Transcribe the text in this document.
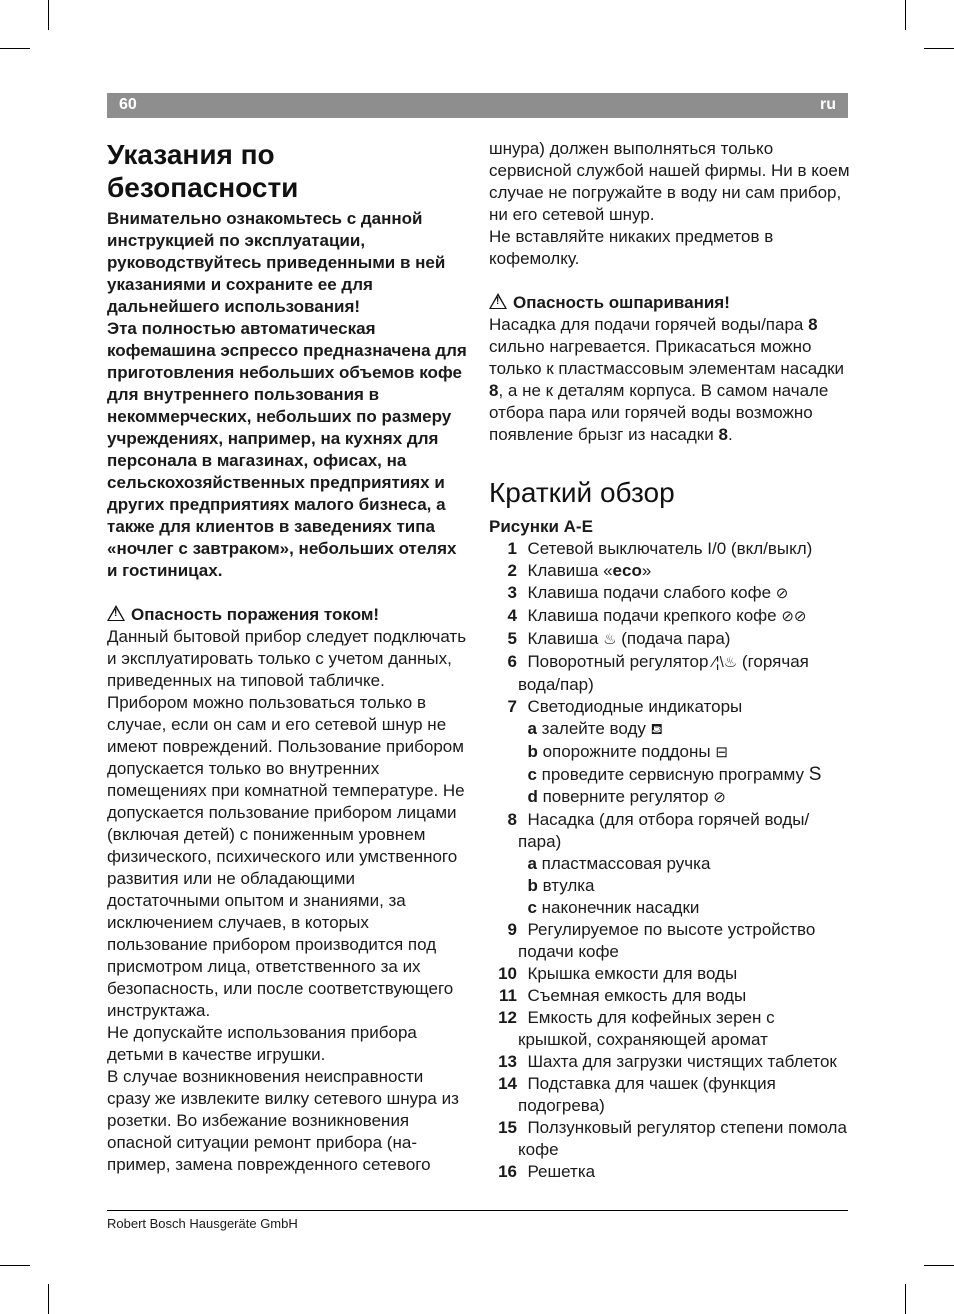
60	ru
Указания по безопасности

Внимательно ознакомьтесь с данной инструкцией по эксплуатации, руководствуйтесь приведенными в ней указаниями и сохраните ее для дальнейшего использования!

Эта полностью автоматическая кофемашина эспрессо предназначена для приготовления небольших объемов кофе для внутреннего пользования в некоммерческих, небольших по размеру учреждениях, например, на кухнях для персонала в магазинах, офисах, на сельскохозяйственных предприятиях и других предприятиях малого бизнеса, а также для клиентов в заведениях типа «ночлег с завтраком», небольших отелях и гостиницах.

!Опасность поражения током!

Данный бытовой прибор следует подключать и эксплуатировать только с учетом данных, приведенных на типовой табличке. Прибором можно пользоваться только в случае, если он сам и его сетевой шнур не имеют повреждений. Пользование прибором допускается только во внутренних помещениях при комнатной температуре. Не допускается пользование прибором лицами (включая детей) с пониженным уровнем физического, психического или умственного развития или не обладающими достаточными опытом и знаниями, за исключением случаев, в которых пользование прибором производится под присмотром лица, ответственного за их безопасность, или после соответствующего инструктажа.

Не допускайте использования прибора детьми в качестве игрушки.

В случае возникновения неисправности сразу же извлеките вилку сетевого шнура из розетки. Во избежание возникновения опасной ситуации ремонт прибора (например, замена поврежденного сетевого

шнура) должен выполняться только сервисной службой нашей фирмы. Ни в коем случае не погружайте в воду ни сам прибор, ни его сетевой шнур.

Не вставляйте никаких предметов в кофемолку.

!Опасность ошпаривания!

Насадка для подачи горячей воды/пара 8 сильно нагревается. Прикасаться можно только к пластмассовым элементам насадки 8, а не к деталям корпуса. В самом начале отбора пара или горячей воды возможно появление брызг из насадки 8.

Краткий обзор

Рисунки A-E

1 Сетевой выключатель I/0 (вкл/выкл)
2 Клавиша «eco»
3 Клавиша подачи слабого кофе ⊘
4 Клавиша подачи крепкого кофе ⊘⊘
5 Клавиша ♨ (подача пара)
6 Поворотный регулятор ⁄¦\♨ (горячая вода/пар)
7 Светодиодные индикаторы
a залейте воду ⛾
b опорожните поддоны ⊟
c проведите сервисную программу S
d поверните регулятор ⊘
8 Насадка (для отбора горячей воды/ пара)
a пластмассовая ручка
b втулка
c наконечник насадки
9 Регулируемое по высоте устройство подачи кофе
10 Крышка емкости для воды
11 Съемная емкость для воды
12 Емкость для кофейных зерен с крышкой, сохраняющей аромат
13 Шахта для загрузки чистящих таблеток
14 Подставка для чашек (функция подогрева)
15 Ползунковый регулятор степени помола кофе
16 Решетка
Robert Bosch Hausgeräte GmbH
